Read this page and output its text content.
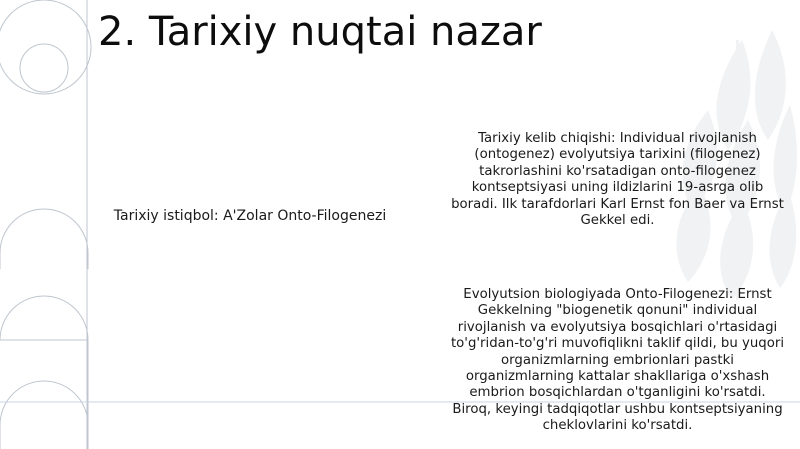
2. Tarixiy nuqtai nazar
Tarixiy istiqbol: A'Zolar Onto-Filogenezi

Tarixiy kelib chiqishi: Individual rivojlanish (ontogenez) evolyutsiya tarixini (filogenez) takrorlashini ko'rsatadigan onto-filogenez kontseptsiyasi uning ildizlarini 19-asrga olib boradi. Ilk tarafdorlari Karl Ernst fon Baer va Ernst Gekkel edi.

Evolyutsion biologiyada Onto-Filogenezi: Ernst Gekkelning "biogenetik qonuni" individual rivojlanish va evolyutsiya bosqichlari o'rtasidagi to'g'ridan-to'g'ri muvofiqlikni taklif qildi, bu yuqori organizmlarning embrionlari pastki organizmlarning kattalar shakllariga o'xshash embrion bosqichlardan o'tganligini ko'rsatdi. Biroq, keyingi tadqiqotlar ushbu kontseptsiyaning cheklovlarini ko'rsatdi.
